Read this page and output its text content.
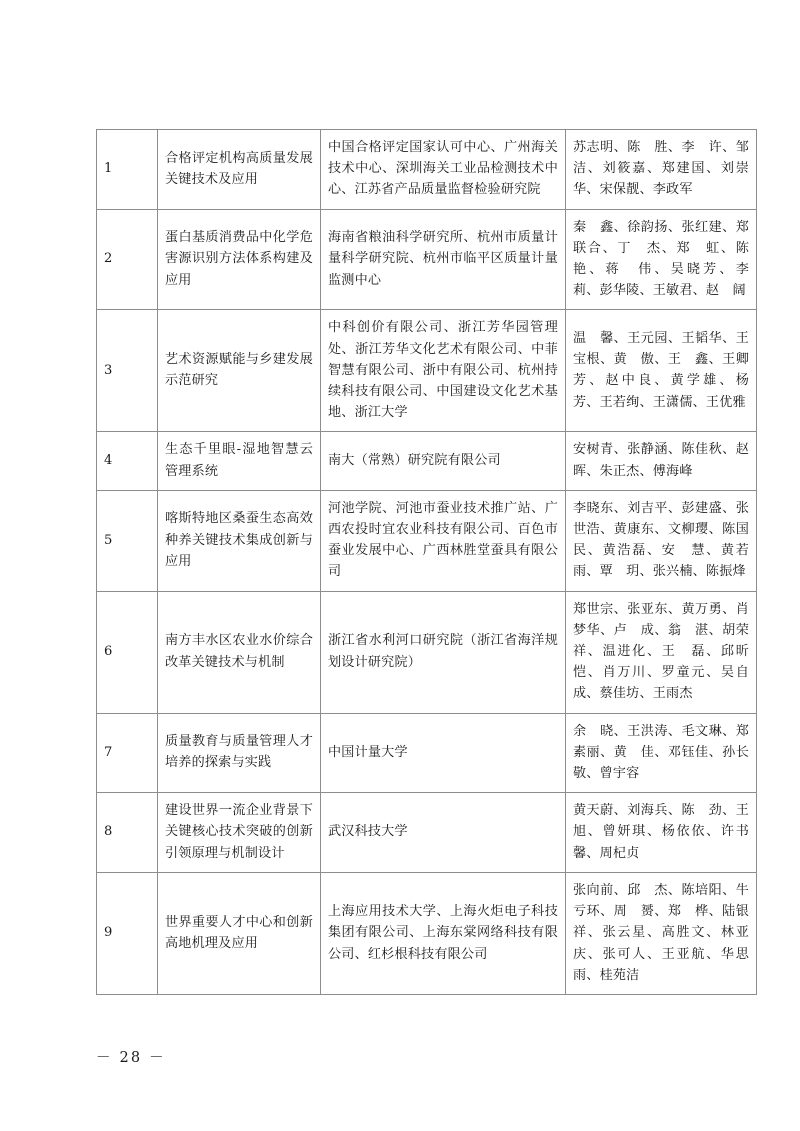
1	合格评定机构高质量发展关键技术及应用	中国合格评定国家认可中心、广州海关技术中心、深圳海关工业品检测技术中心、江苏省产品质量监督检验研究院	苏志明、陈　胜、李　许、邹　洁、刘筱嘉、郑建国、刘崇华、宋保靓、李政军

2	蛋白基质消费品中化学危害源识别方法体系构建及应用	海南省粮油科学研究所、杭州市质量计量科学研究院、杭州市临平区质量计量监测中心	秦　鑫、徐韵扬、张红建、郑联合、丁　杰、郑　虹、陈　艳、蒋　伟、吴晓芳、李　莉、彭华陵、王敏君、赵　阔

3	艺术资源赋能与乡建发展示范研究	中科创价有限公司、浙江芳华园管理处、浙江芳华文化艺术有限公司、中菲智慧有限公司、浙中有限公司、杭州持续科技有限公司、中国建设文化艺术基地、浙江大学	温　馨、王元园、王韬华、王宝根、黄　傲、王　鑫、王卿芳、赵中良、黄学雄、杨　芳、王若绚、王潇儒、王优雅

4	生态千里眼-湿地智慧云管理系统	南大（常熟）研究院有限公司	安树青、张静涵、陈佳秋、赵　晖、朱正杰、傅海峰

5	喀斯特地区桑蚕生态高效种养关键技术集成创新与应用	河池学院、河池市蚕业技术推广站、广西农投时宜农业科技有限公司、百色市蚕业发展中心、广西林胜堂蚕具有限公司	李晓东、刘吉平、彭建盛、张世浩、黄康东、文柳璎、陈国民、黄浩磊、安　慧、黄若雨、覃　玥、张兴楠、陈振烽

6	南方丰水区农业水价综合改革关键技术与机制	浙江省水利河口研究院（浙江省海洋规划设计研究院）	郑世宗、张亚东、黄万勇、肖梦华、卢　成、翁　湛、胡荣祥、温进化、王　磊、邱昕恺、肖万川、罗童元、吴自成、蔡佳坊、王雨杰

7	质量教育与质量管理人才培养的探索与实践	中国计量大学	余　晓、王洪涛、毛文琳、郑素丽、黄　佳、邓钰佳、孙长敬、曾宇容

8	建设世界一流企业背景下关键核心技术突破的创新引领原理与机制设计	武汉科技大学	黄天蔚、刘海兵、陈　劲、王　旭、曾妍琪、杨依依、许书馨、周杞贞

9	世界重要人才中心和创新高地机理及应用	上海应用技术大学、上海火炬电子科技集团有限公司、上海东棠网络科技有限公司、红杉根科技有限公司	张向前、邱　杰、陈培阳、牛亏环、周　赟、郑　桦、陆银祥、张云星、高胜文、林亚庆、张可人、王亚航、华思雨、桂苑洁
－ 28 －
